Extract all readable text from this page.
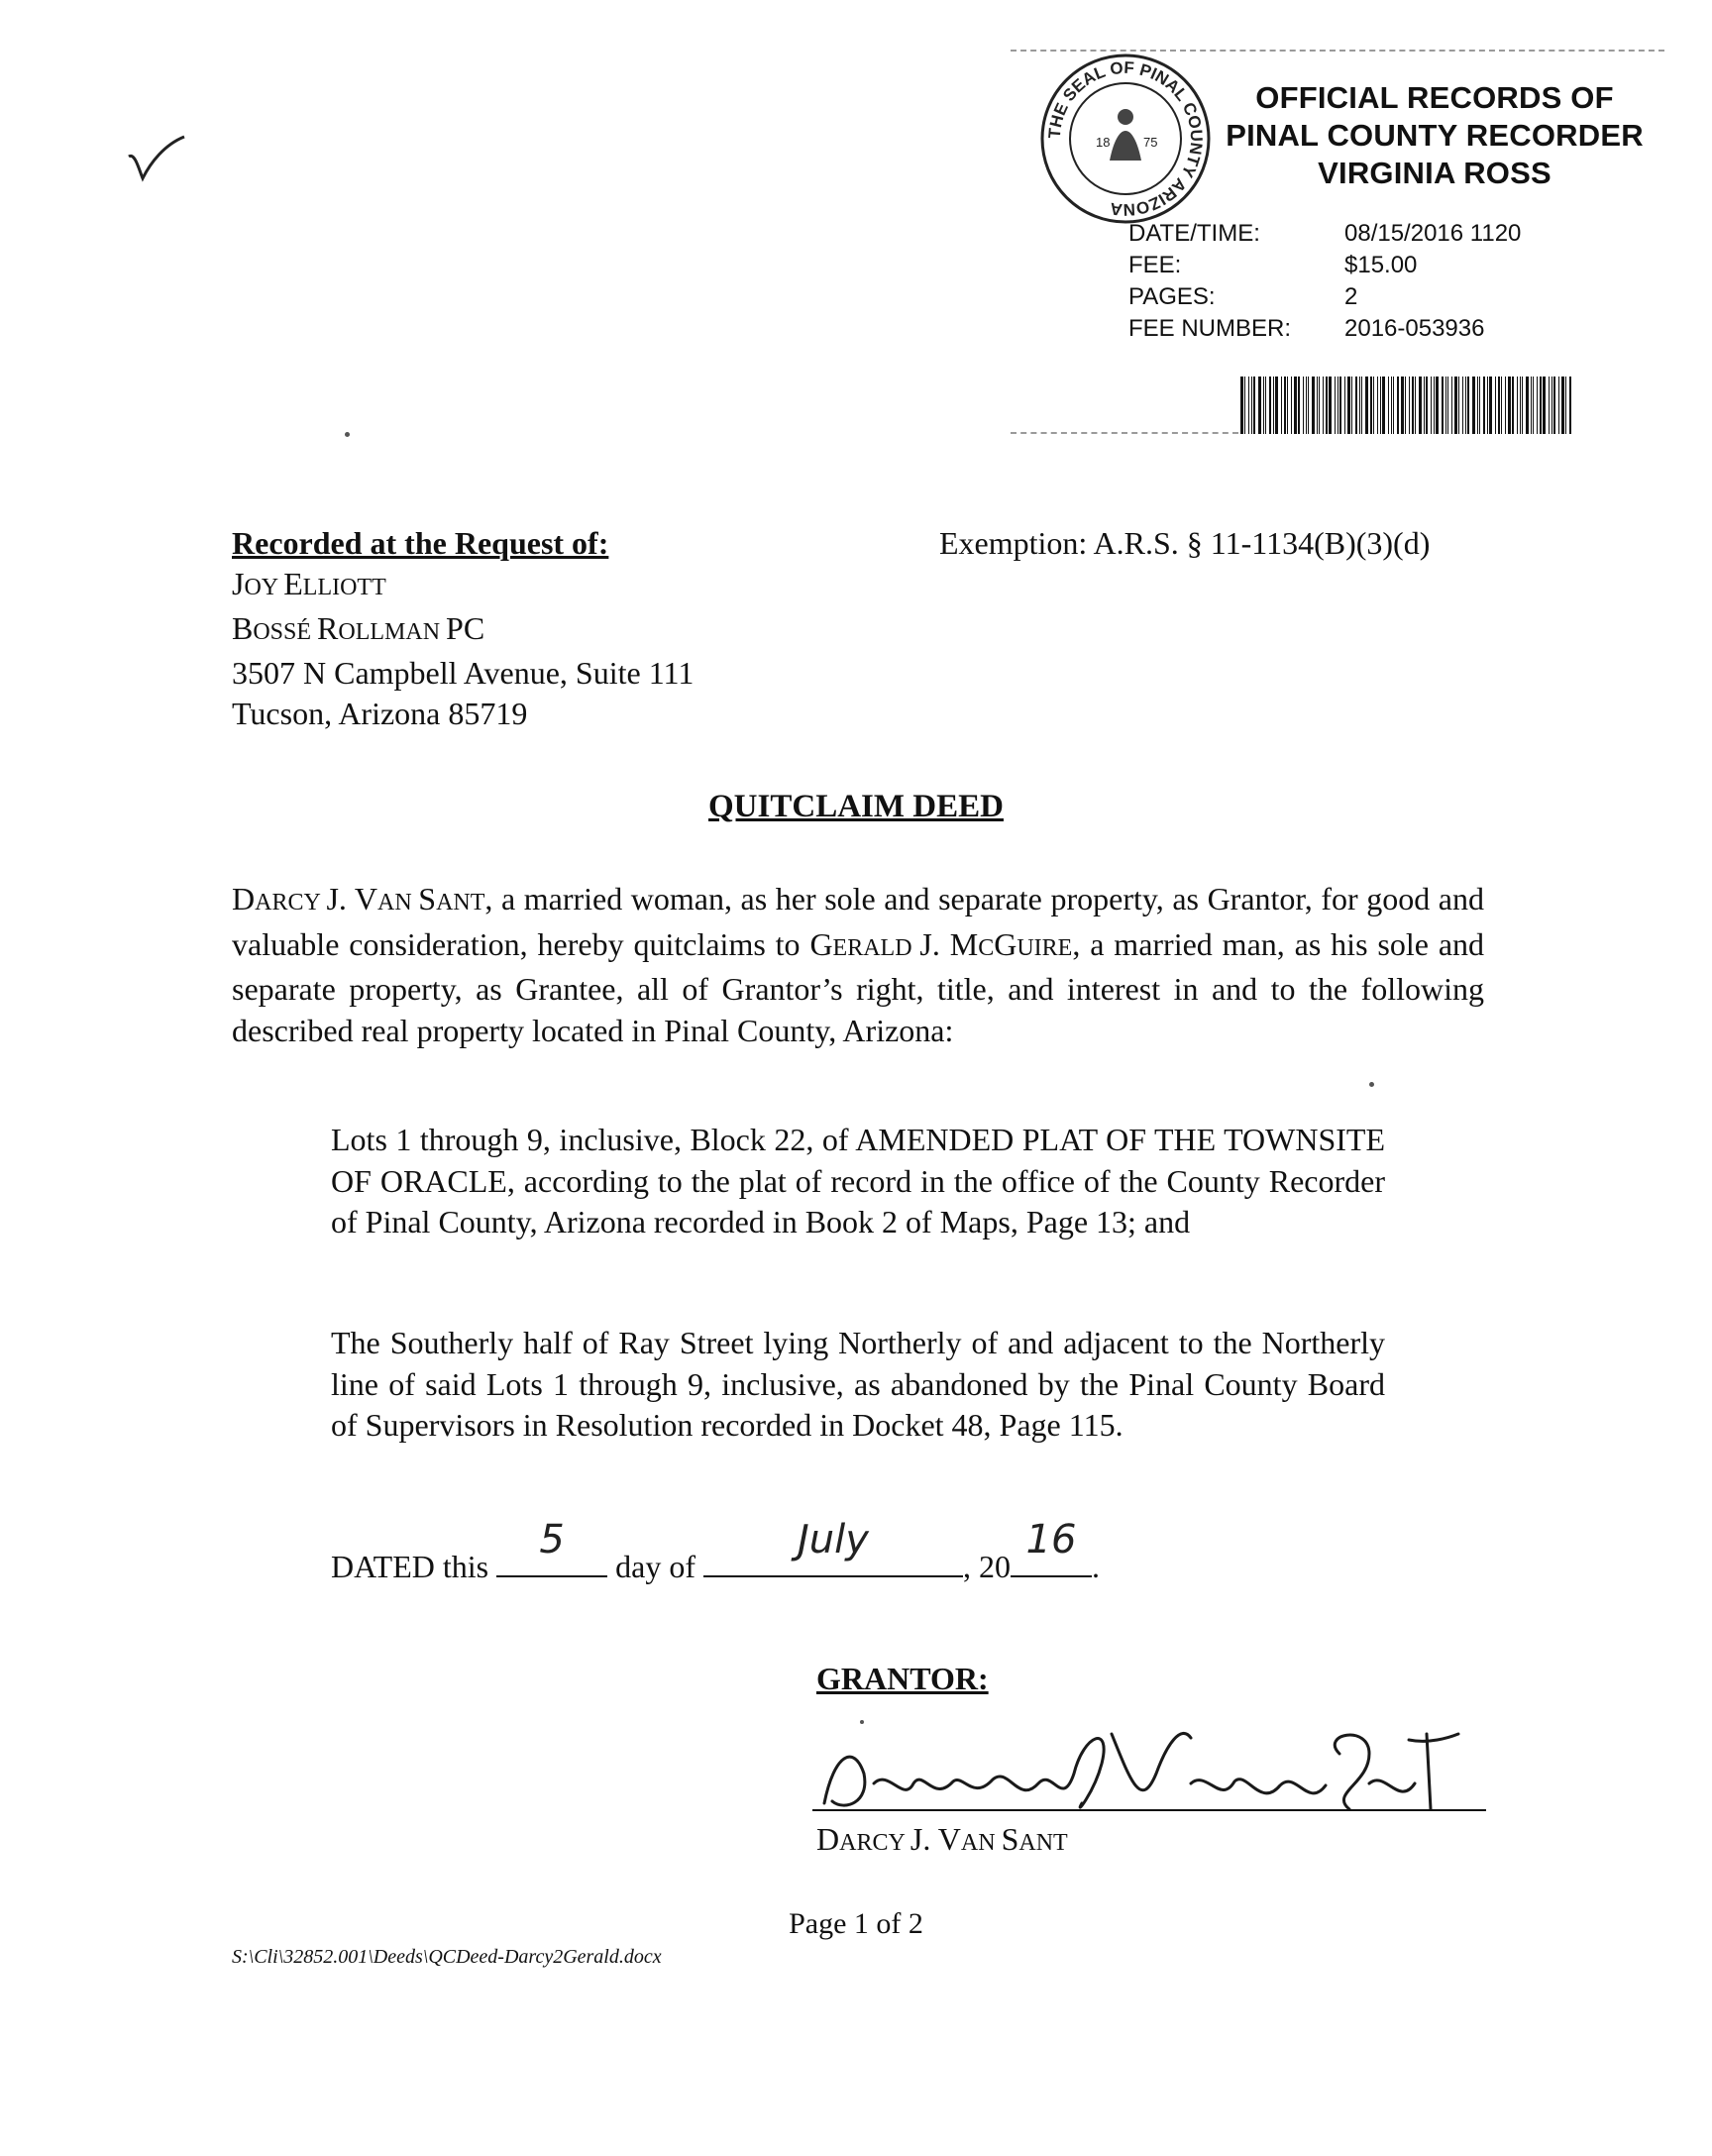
THE SEAL OF PINAL COUNTY ARIZONA
18	75
OFFICIAL RECORDS OF
PINAL COUNTY RECORDER
VIRGINIA ROSS
DATE/TIME:	08/15/2016 1120
FEE:	$15.00
PAGES:	2
FEE NUMBER:	2016-053936
Recorded at the Request of:
JOY ELLIOTT
BOSSÉ ROLLMAN PC
3507 N Campbell Avenue, Suite 111
Tucson, Arizona 85719
Exemption: A.R.S. § 11-1134(B)(3)(d)
QUITCLAIM DEED
DARCY J. VAN SANT, a married woman, as her sole and separate property, as Grantor, for good and valuable consideration, hereby quitclaims to GERALD J. MCGUIRE, a married man, as his sole and separate property, as Grantee, all of Grantor’s right, title, and interest in and to the following described real property located in Pinal County, Arizona:
Lots 1 through 9, inclusive, Block 22, of AMENDED PLAT OF THE TOWNSITE OF ORACLE, according to the plat of record in the office of the County Recorder of Pinal County, Arizona recorded in Book 2 of Maps, Page 13; and
The Southerly half of Ray Street lying Northerly of and adjacent to the Northerly line of said Lots 1 through 9, inclusive, as abandoned by the Pinal County Board of Supervisors in Resolution recorded in Docket 48, Page 115.
DATED this
5
day of
July
, 20
16
.
GRANTOR:
DARCY J. VAN SANT
Page 1 of 2
S:\Cli\32852.001\Deeds\QCDeed-Darcy2Gerald.docx
